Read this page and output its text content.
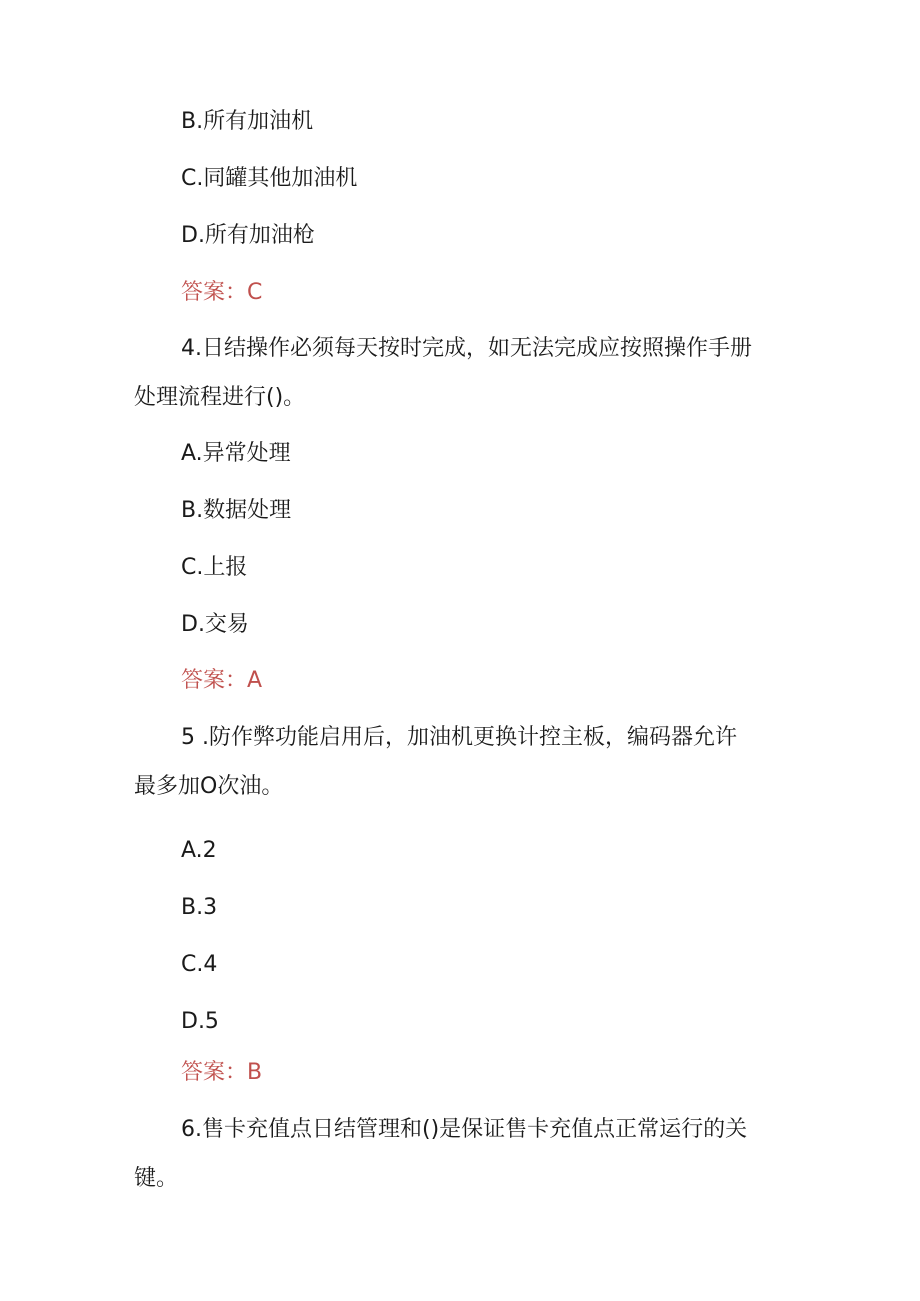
B.所有加油机
C.同罐其他加油机
D.所有加油枪
答案：C
4.日结操作必须每天按时完成，如无法完成应按照操作手册
处理流程进行()。
A.异常处理
B.数据处理
C.上报
D.交易
答案：A
5 .防作弊功能启用后，加油机更换计控主板，编码器允许
最多加O次油。
A.2
B.3
C.4
D.5
答案：B
6.售卡充值点日结管理和()是保证售卡充值点正常运行的关
键。
